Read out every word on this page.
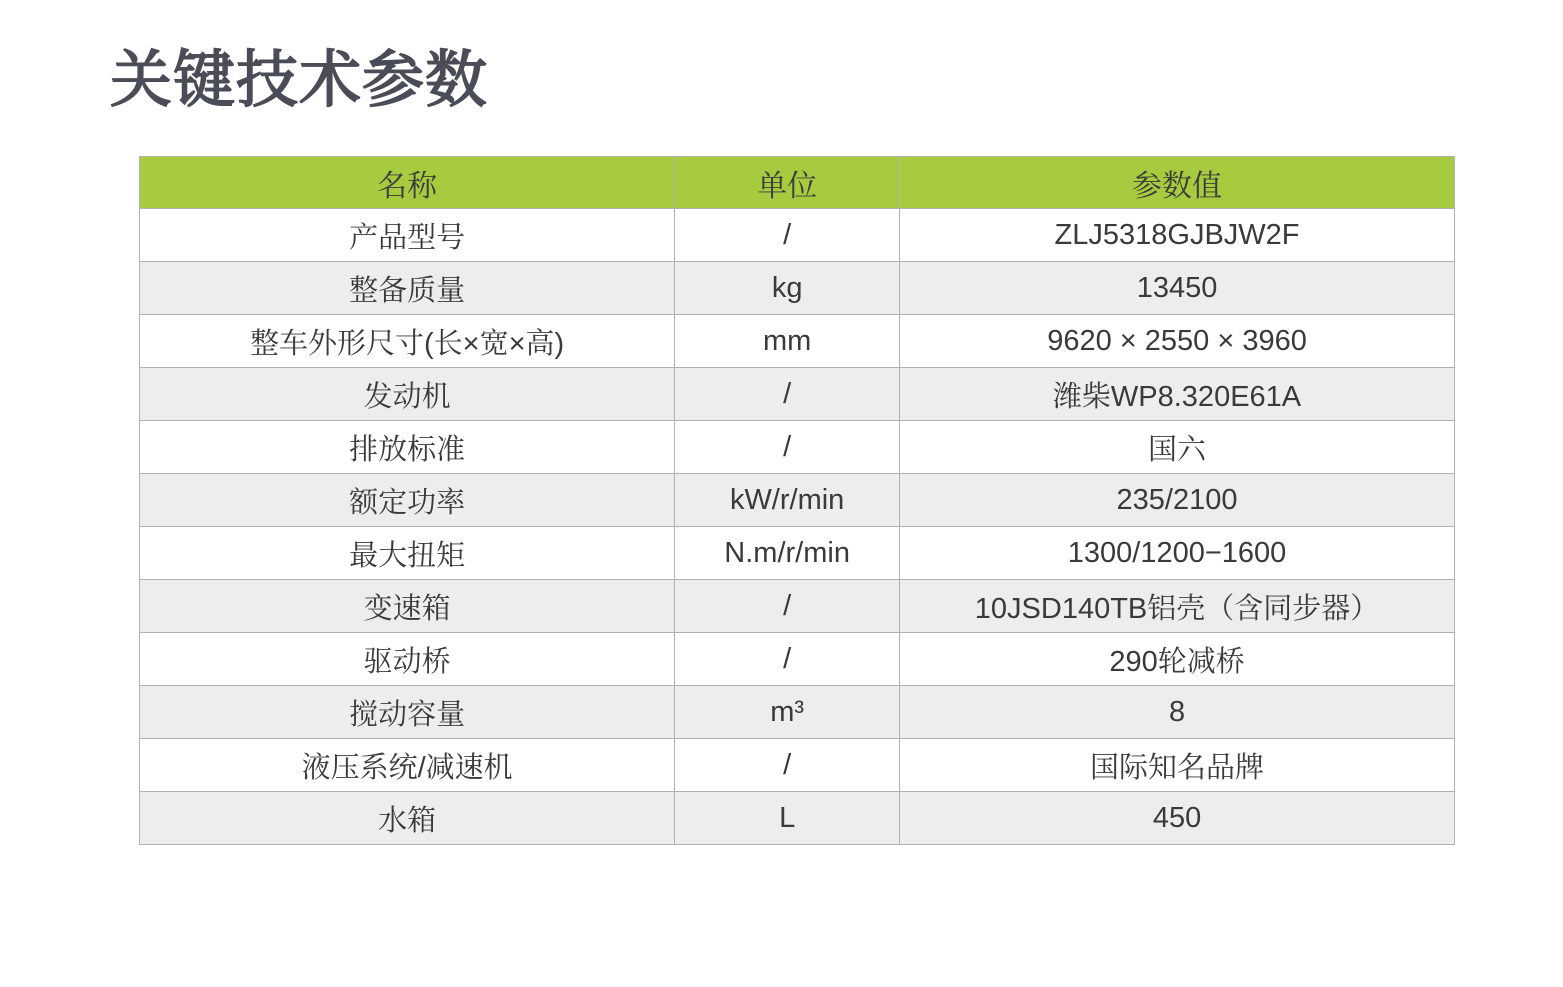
关键技术参数
名称	单位	参数值
产品型号	/	ZLJ5318GJBJW2F
整备质量	kg	13450
整车外形尺寸(长×宽×高)	mm	9620 × 2550 × 3960
发动机	/	潍柴WP8.320E61A
排放标准	/	国六
额定功率	kW/r/min	235/2100
最大扭矩	N.m/r/min	1300/1200−1600
变速箱	/	10JSD140TB铝壳（含同步器）
驱动桥	/	290轮减桥
搅动容量	m³	8
液压系统/减速机	/	国际知名品牌
水箱	L	450
